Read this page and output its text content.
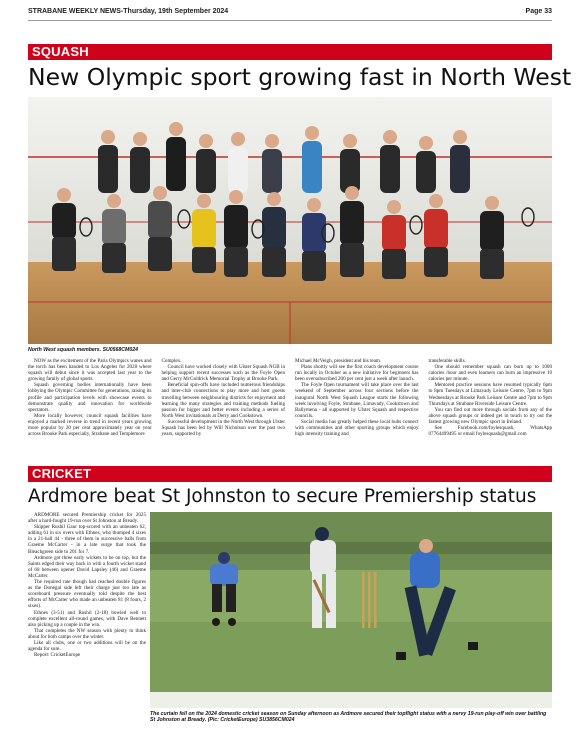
STRABANE WEEKLY NEWS-Thursday, 19th September 2024	Page 33
SQUASH
New Olympic sport growing fast in North West
North West squash members. SU0568CM024

NOW as the excitement of the Paris Olympics wanes and the torch has been handed to Los Angeles for 2028 where squash will debut since it was accepted last year to the growing family of global sports.

Squash governing bodies internationally have been lobbying the Olympic Committee for generations, raising its profile and participation levels with showcase events to demonstrate quality and innovation for worldwide spectators.

More locally however, council squash facilities have enjoyed a marked reverse in trend in recent years growing more popular by 20 per cent approximately year on year across Brooke Park especially, Strabane and Templemore

Complex.

Council have worked closely with Ulster Squash NGB in helping support recent successes such as the Foyle Open and Gerry McGoldrick Memorial Trophy at Brooke Park.

Beneficial spin-offs have included numerous friendships and inter-club connections to play more and host guests travelling between neighbouring districts for enjoyment and learning the many strategies and training methods fueling passion for bigger and better events including a series of North West invitationals at Derry and Cookstown.

Successful development in the North West through Ulster Squash has been led by Will Nicholson over the past two years, supported by

Michael McVeigh, president and his team.

Plans shortly will see the first coach development course run locally in October as a new initiative for beginners has been oversubscribed 200 per cent just a week after launch.

The Foyle Open tournament will take place over the last weekend of September across four sections before the inaugural North West Squash League starts the following week involving Foyle, Strabane, Limavady, Cookstown and Ballymena - all supported by Ulster Squash and respective councils.

Social media has greatly helped these local hubs connect with communities and other sporting groups which enjoy high intensity training and

transferable skills.

One should remember squash can burn up to 1000 calories /hour and even learners can burn an impressive 10 calories per minute.

Mentored practice sessions have resumed typically 6pm to 8pm Tuesdays at Limavady Leisure Centre, 7pm to 9pm Wednesdays at Brooke Park Leisure Centre and 7pm to 9pm Thursdays at Strabane Riverside Leisure Centre.

You can find out more through socials from any of the above squash groups or indeed get in touch to try out the fastest growing new Olympic sport in Ireland.

See Facebook.com/foylesquash, WhatsApp 07764499495 or email foylesquash@gmail.com

CRICKET
Ardmore beat St Johnston to secure Premiership status

ARDMORE secured Premiership cricket for 2025 after a hard-fought 19-run over St Johnston at Bready.

Skipper Rushil Gaur top-scored with an unbeaten 62, adding 61 in six overs with Ethnes, who thumped 4 sixes in a 21-ball 44 - three of them in successive balls from Graeme McCarter - in a late surge that took the Bleachgreen side to 201 for 7.

Ardmore got three early wickets to be on top, but the Saints edged their way back in with a fourth wicket stand of 68 between opener David Lapsley (46) and Graeme McCarter.

The required rate though had reached double figures as the Donegal side left their charge just too late as scoreboard pressure eventually told despite the best efforts of McCarter who made an unbeaten 81 (8 fours, 2 sixes).

Ethnes (3-51) and Rushil (2-18) bowled well to complete excellent all-round games, with Dave Bennett also picking up a couple in the win.

That completes the NW season with plenty to think about for both camps over the winter.

Like all clubs, one or two additions will be on the agenda for sure.

Report: CricketEurope

The curtain fell on the 2024 domestic cricket season on Sunday afternoon as Ardmore secured their topflight status with a nervy 19-run play-off win over battling St Johnston at Bready. (Pic: CricketEurope) SU3856CM024
